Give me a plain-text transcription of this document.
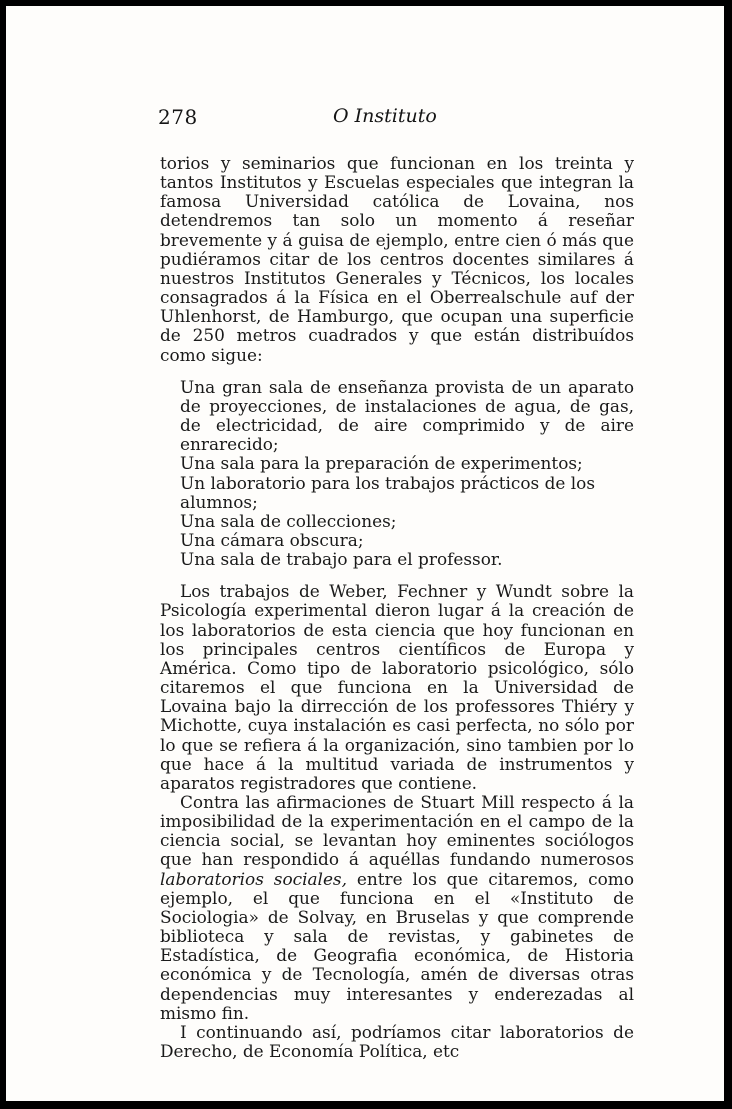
278	O Instituto

torios y seminarios que funcionan en los treinta y tantos Institutos y Escuelas especiales que integran la famosa Universidad católica de Lovaina, nos detendremos tan solo un momento á reseñar brevemente y á guisa de ejemplo, entre cien ó más que pudiéramos citar de los centros docentes similares á nuestros Institutos Generales y Técnicos, los locales consagrados á la Física en el Oberrealschule auf der Uhlenhorst, de Hamburgo, que ocupan una superficie de 250 metros cuadrados y que están distribuídos como sigue:

Una gran sala de enseñanza provista de un aparato de proyecciones, de instalaciones de agua, de gas, de electricidad, de aire comprimido y de aire enrarecido;

Una sala para la preparación de experimentos;

Un laboratorio para los trabajos prácticos de los alumnos;

Una sala de collecciones;

Una cámara obscura;

Una sala de trabajo para el professor.

Los trabajos de Weber, Fechner y Wundt sobre la Psicología experimental dieron lugar á la creación de los laboratorios de esta ciencia que hoy funcionan en los principales centros científicos de Europa y América. Como tipo de laboratorio psicológico, sólo citaremos el que funciona en la Universidad de Lovaina bajo la dirrección de los professores Thiéry y Michotte, cuya instalación es casi perfecta, no sólo por lo que se refiera á la organización, sino tambien por lo que hace á la multitud variada de instrumentos y aparatos registradores que contiene.

Contra las afirmaciones de Stuart Mill respecto á la imposibilidad de la experimentación en el campo de la ciencia social, se levantan hoy eminentes sociólogos que han respondido á aquéllas fundando numerosos laboratorios sociales, entre los que citaremos, como ejemplo, el que funciona en el «Instituto de Sociologia» de Solvay, en Bruselas y que comprende biblioteca y sala de revistas, y gabinetes de Estadística, de Geografia económica, de Historia económica y de Tecnología, amén de diversas otras dependencias muy interesantes y enderezadas al mismo fin.

I continuando así, podríamos citar laboratorios de Derecho, de Economía Política, etc
